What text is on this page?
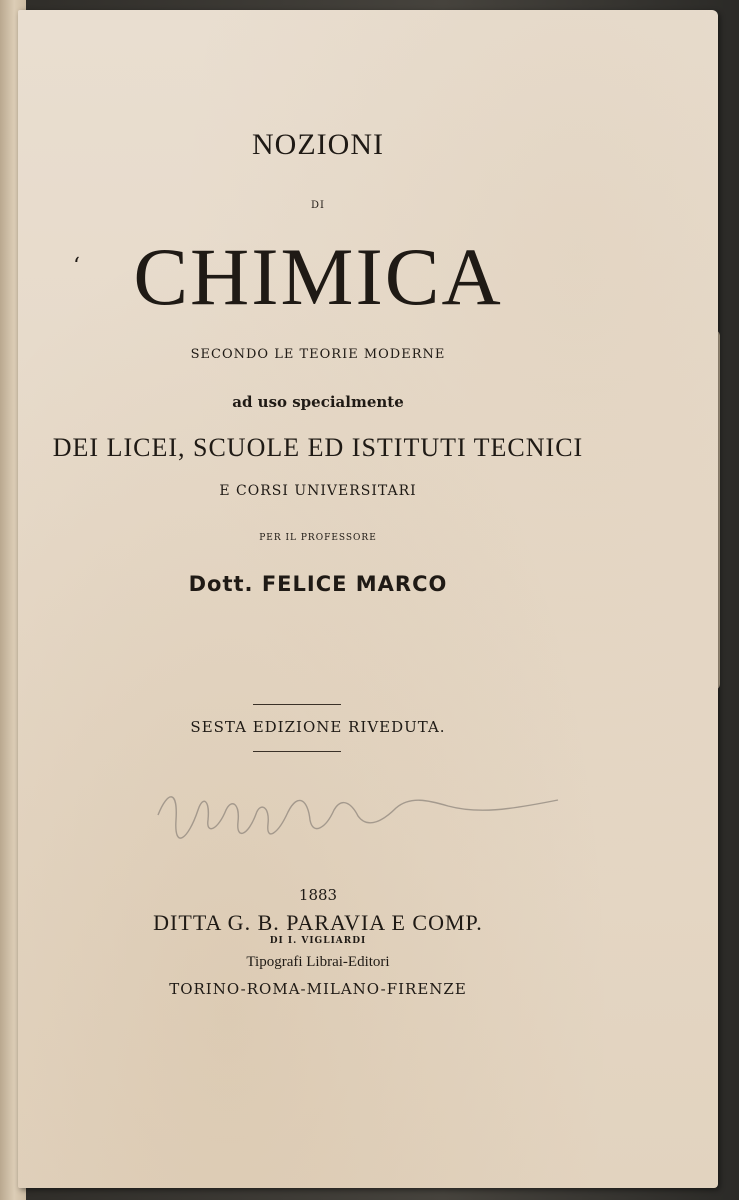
ʻ
NOZIONI
DI
CHIMICA
SECONDO LE TEORIE MODERNE
ad uso specialmente
DEI LICEI, SCUOLE ED ISTITUTI TECNICI
E CORSI UNIVERSITARI
PER IL PROFESSORE
Dott. FELICE MARCO
SESTA EDIZIONE RIVEDUTA.
1883
DITTA G. B. PARAVIA E COMP.
DI I. VIGLIARDI
Tipografi Librai-Editori
TORINO-ROMA-MILANO-FIRENZE
